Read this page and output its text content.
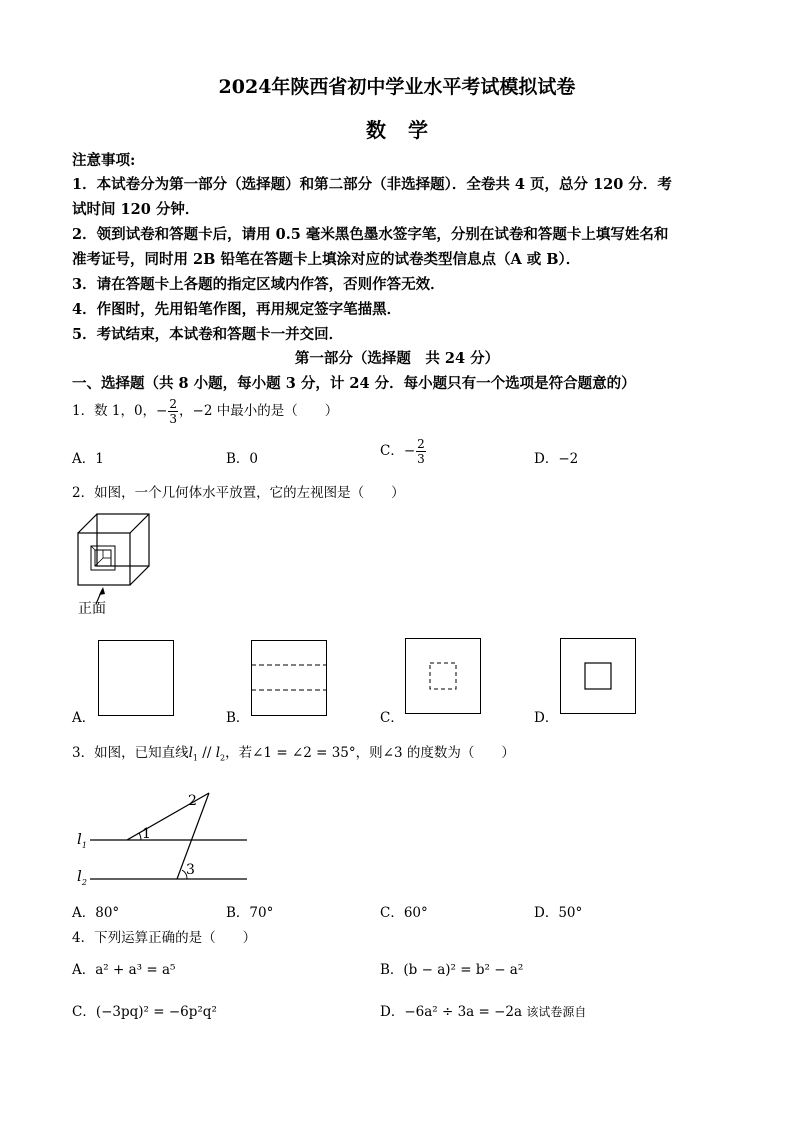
2024年陕西省初中学业水平考试模拟试卷
数学
注意事项:
1．本试卷分为第一部分（选择题）和第二部分（非选择题）．全卷共 4 页，总分 120 分．考
试时间 120 分钟．
2．领到试卷和答题卡后，请用 0.5 毫米黑色墨水签字笔，分别在试卷和答题卡上填写姓名和
准考证号，同时用 2B 铅笔在答题卡上填涂对应的试卷类型信息点（A 或 B）．
3．请在答题卡上各题的指定区域内作答，否则作答无效．
4．作图时，先用铅笔作图，再用规定签字笔描黑．
5．考试结束，本试卷和答题卡一并交回．
第一部分（选择题　共 24 分）
一、选择题（共 8 小题，每小题 3 分，计 24 分．每小题只有一个选项是符合题意的）
1．数 1，0，− $\frac{2}{3}$ ，−2 中最小的是（　　）
A．1	B．0	C．− $\frac{2}{3}$	D．−2
2．如图，一个几何体水平放置，它的左视图是（　　）
正面
A．	B．	C．	D．
3．如图，已知直线$l_1 // l_2$，若∠1 = ∠2 = 35°，则∠3 的度数为（　　）
$l_1$
$l_2$
1
2
3
A．80°	B．70°	C．60°	D．50°
4．下列运算正确的是（　　）
A．a² + a³ = a⁵	B．(b − a)² = b² − a²
C．(−3pq)² = −6p²q²	D．−6a² ÷ 3a = −2a 该试卷源自
